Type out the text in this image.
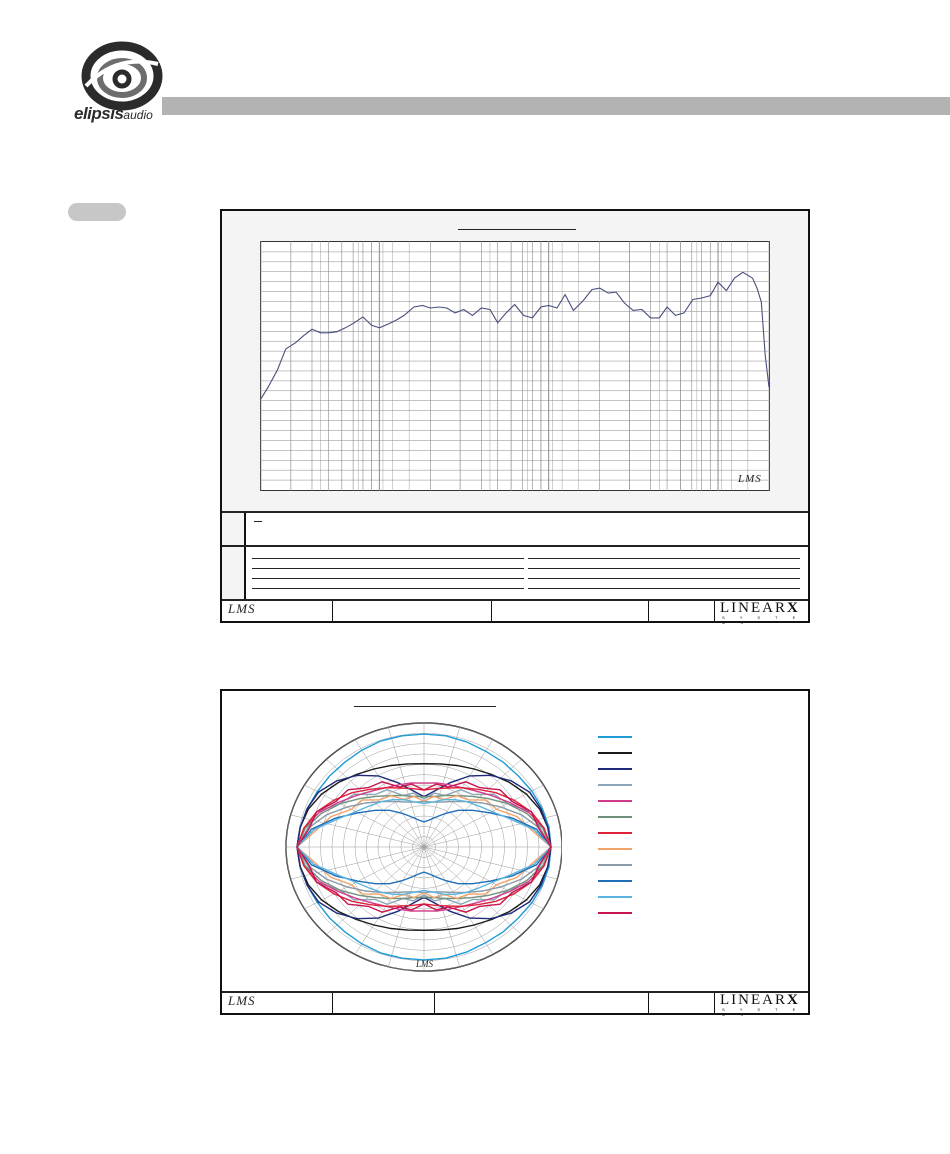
elipsisaudio
LMS
LMS	LINEARX
S Y S T E M S
LMS
LMS	LINEARX
S Y S T E M S
